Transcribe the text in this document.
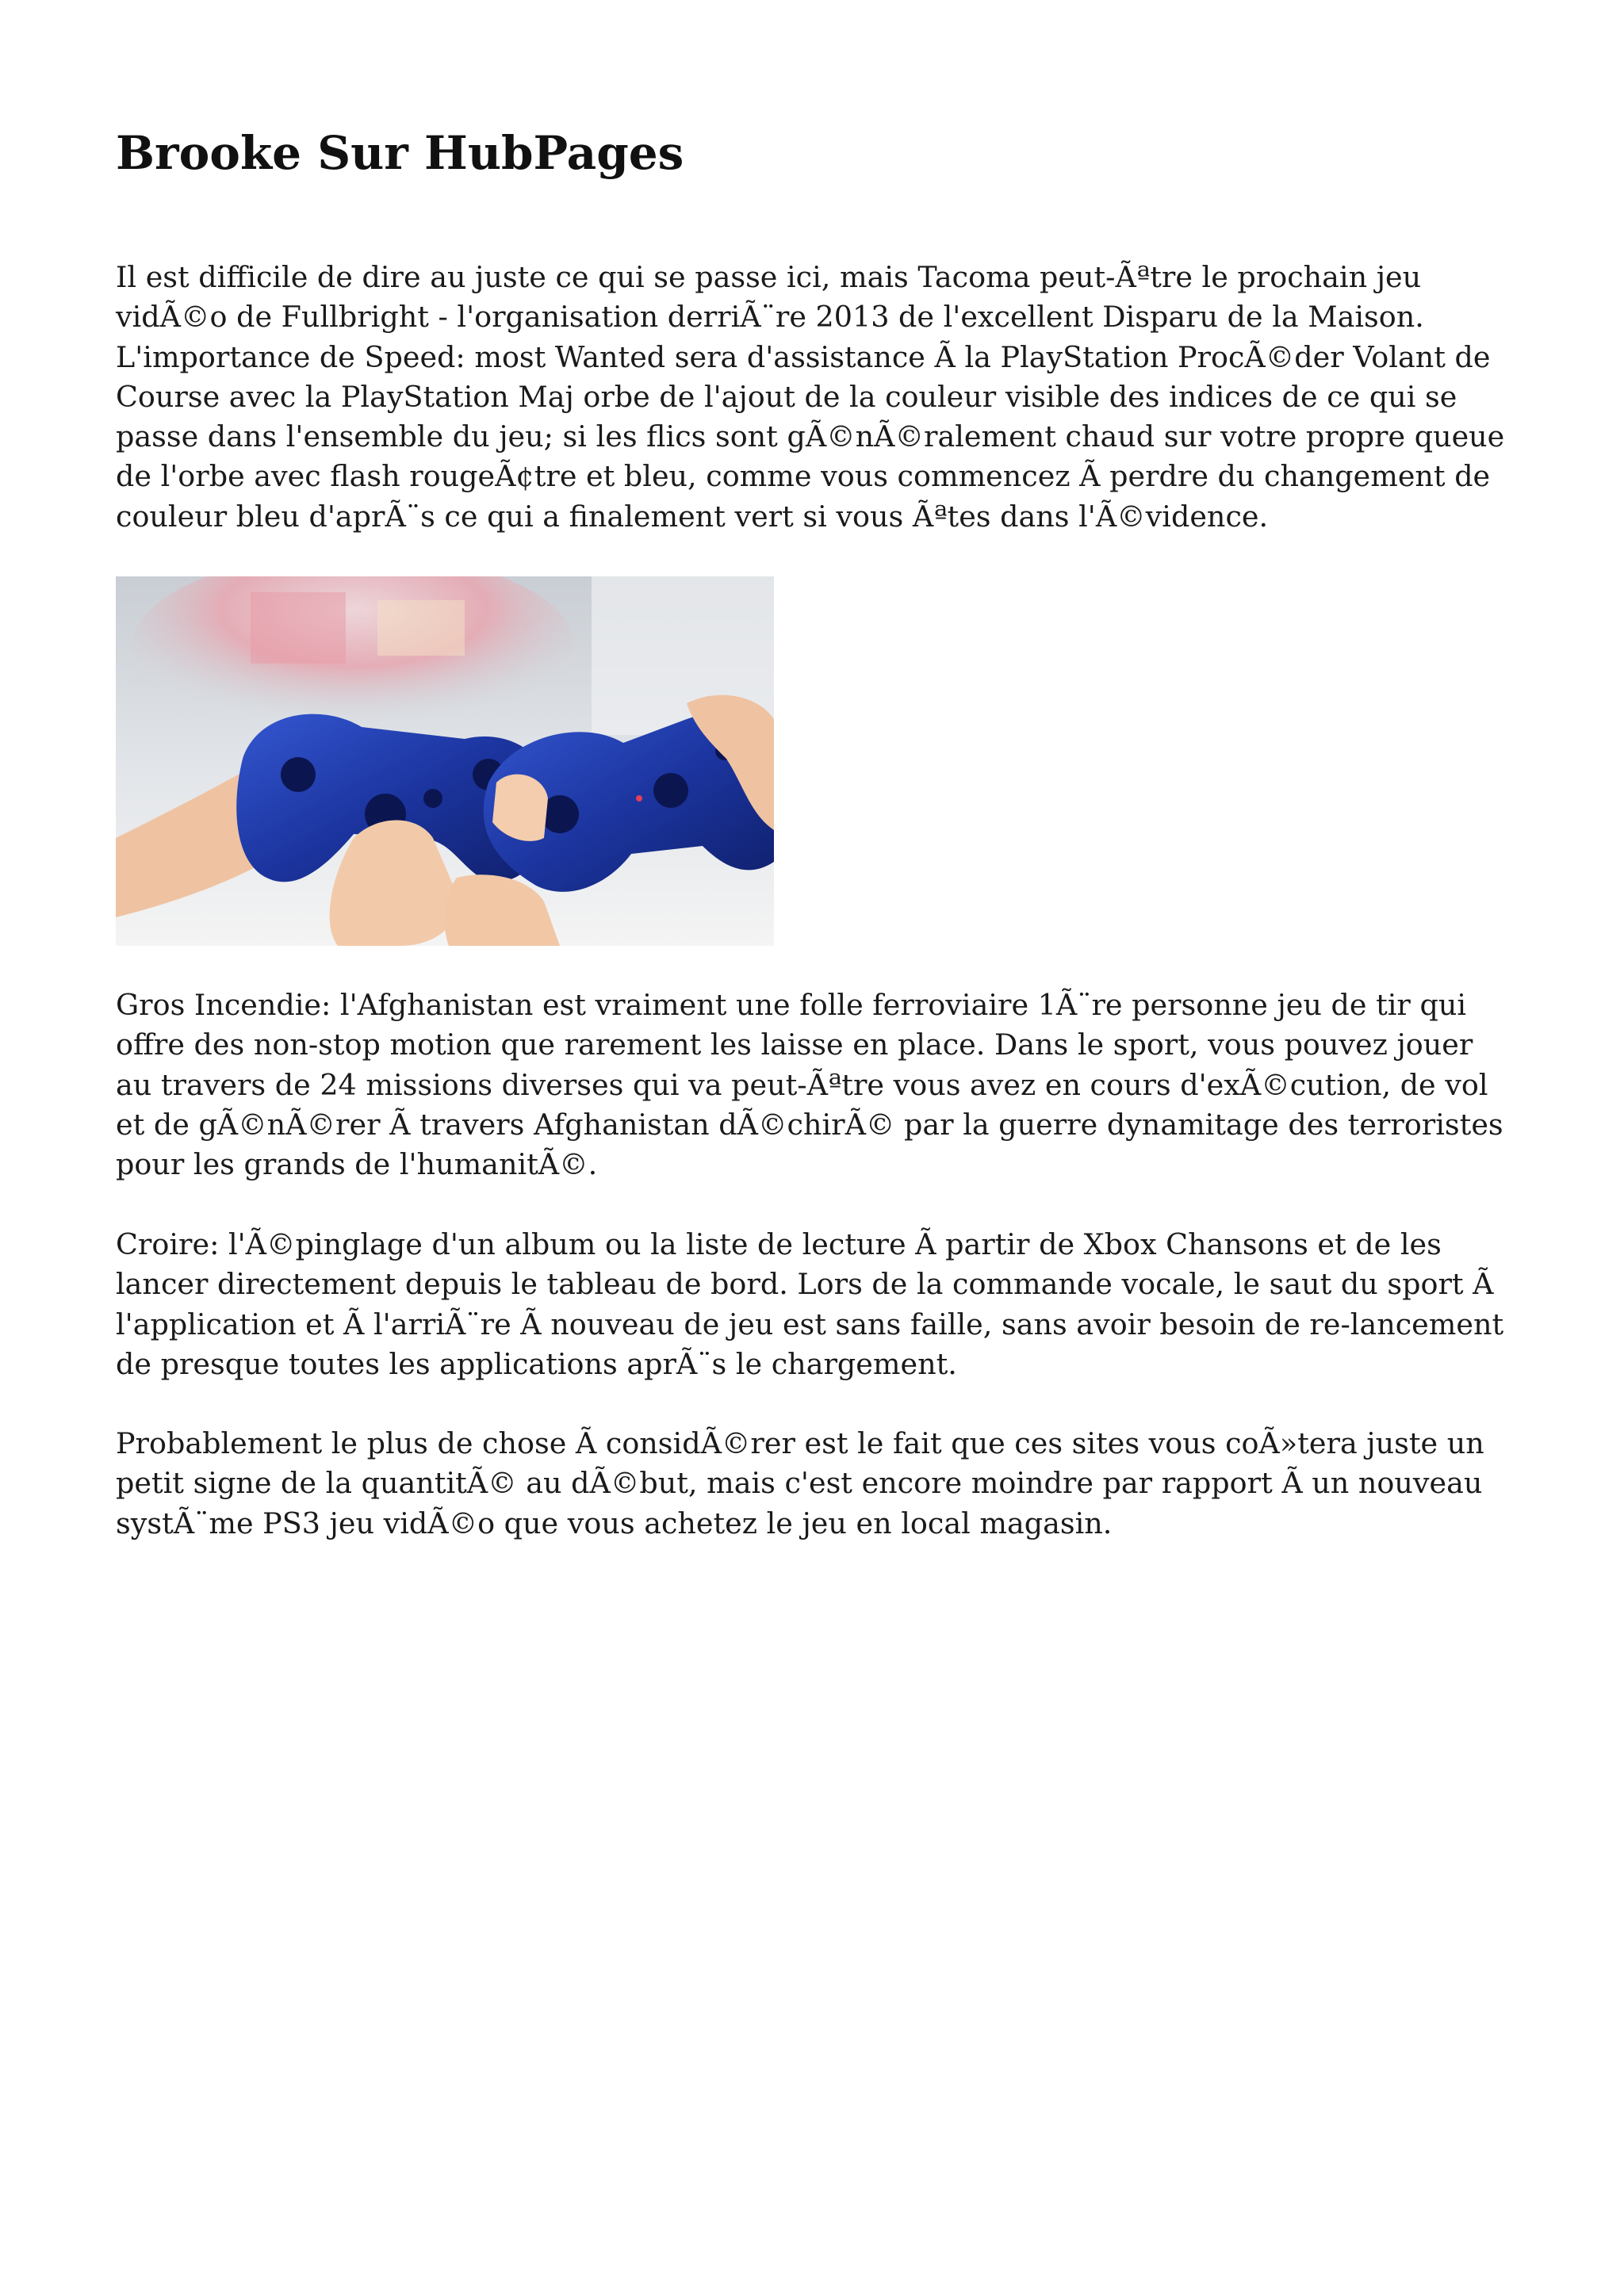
Brooke Sur HubPages

Il est difficile de dire au juste ce qui se passe ici, mais Tacoma peut-Ãªtre le prochain jeu vidÃ©o de Fullbright - l'organisation derriÃ¨re 2013 de l'excellent Disparu de la Maison. L'importance de Speed: most Wanted sera d'assistance Ã la PlayStation ProcÃ©der Volant de Course avec la PlayStation Maj orbe de l'ajout de la couleur visible des indices de ce qui se passe dans l'ensemble du jeu; si les flics sont gÃ©nÃ©ralement chaud sur votre propre queue de l'orbe avec flash rougeÃ¢tre et bleu, comme vous commencez Ã perdre du changement de couleur bleu d'aprÃ¨s ce qui a finalement vert si vous Ãªtes dans l'Ã©vidence.

Gros Incendie: l'Afghanistan est vraiment une folle ferroviaire 1Ã¨re personne jeu de tir qui offre des non-stop motion que rarement les laisse en place. Dans le sport, vous pouvez jouer au travers de 24 missions diverses qui va peut-Ãªtre vous avez en cours d'exÃ©cution, de vol et de gÃ©nÃ©rer Ã travers Afghanistan dÃ©chirÃ© par la guerre dynamitage des terroristes pour les grands de l'humanitÃ©.

Croire: l'Ã©pinglage d'un album ou la liste de lecture Ã partir de Xbox Chansons et de les lancer directement depuis le tableau de bord. Lors de la commande vocale, le saut du sport Ã l'application et Ã l'arriÃ¨re Ã nouveau de jeu est sans faille, sans avoir besoin de re-lancement de presque toutes les applications aprÃ¨s le chargement.

Probablement le plus de chose Ã considÃ©rer est le fait que ces sites vous coÃ»tera juste un petit signe de la quantitÃ© au dÃ©but, mais c'est encore moindre par rapport Ã un nouveau systÃ¨me PS3 jeu vidÃ©o que vous achetez le jeu en local magasin.
